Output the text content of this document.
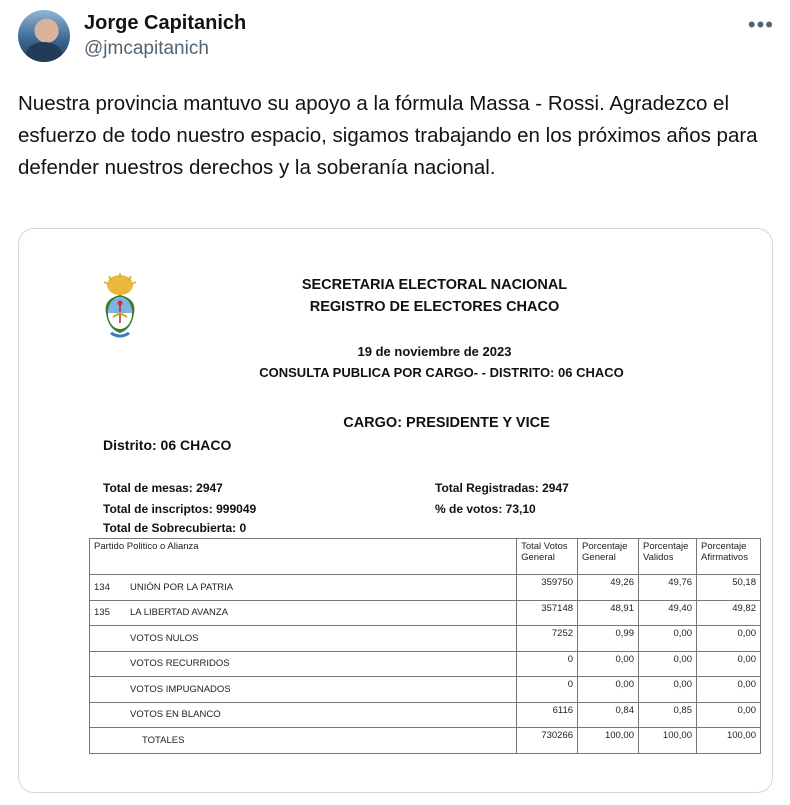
Jorge Capitanich
@jmcapitanich
•••
Nuestra provincia mantuvo su apoyo a la fórmula Massa - Rossi. Agradezco el esfuerzo de todo nuestro espacio, sigamos trabajando en los próximos años para defender nuestros derechos y la soberanía nacional.
SECRETARIA ELECTORAL NACIONAL
REGISTRO DE ELECTORES CHACO
19 de noviembre de 2023
CONSULTA PUBLICA POR CARGO- - DISTRITO: 06 CHACO
CARGO: PRESIDENTE Y VICE
Distrito: 06 CHACO
Total de mesas: 2947
Total de inscriptos: 999049
Total de Sobrecubierta: 0
Total Registradas: 2947
% de votos: 73,10
Partido Politico o Alianza	Total Votos General	Porcentaje General	Porcentaje Validos	Porcentaje Afirmativos
134 UNIÓN POR LA PATRIA	359750	49,26	49,76	50,18
135 LA LIBERTAD AVANZA	357148	48,91	49,40	49,82
VOTOS NULOS	7252	0,99	0,00	0,00
VOTOS RECURRIDOS	0	0,00	0,00	0,00
VOTOS IMPUGNADOS	0	0,00	0,00	0,00
VOTOS EN BLANCO	6116	0,84	0,85	0,00
TOTALES	730266	100,00	100,00	100,00
